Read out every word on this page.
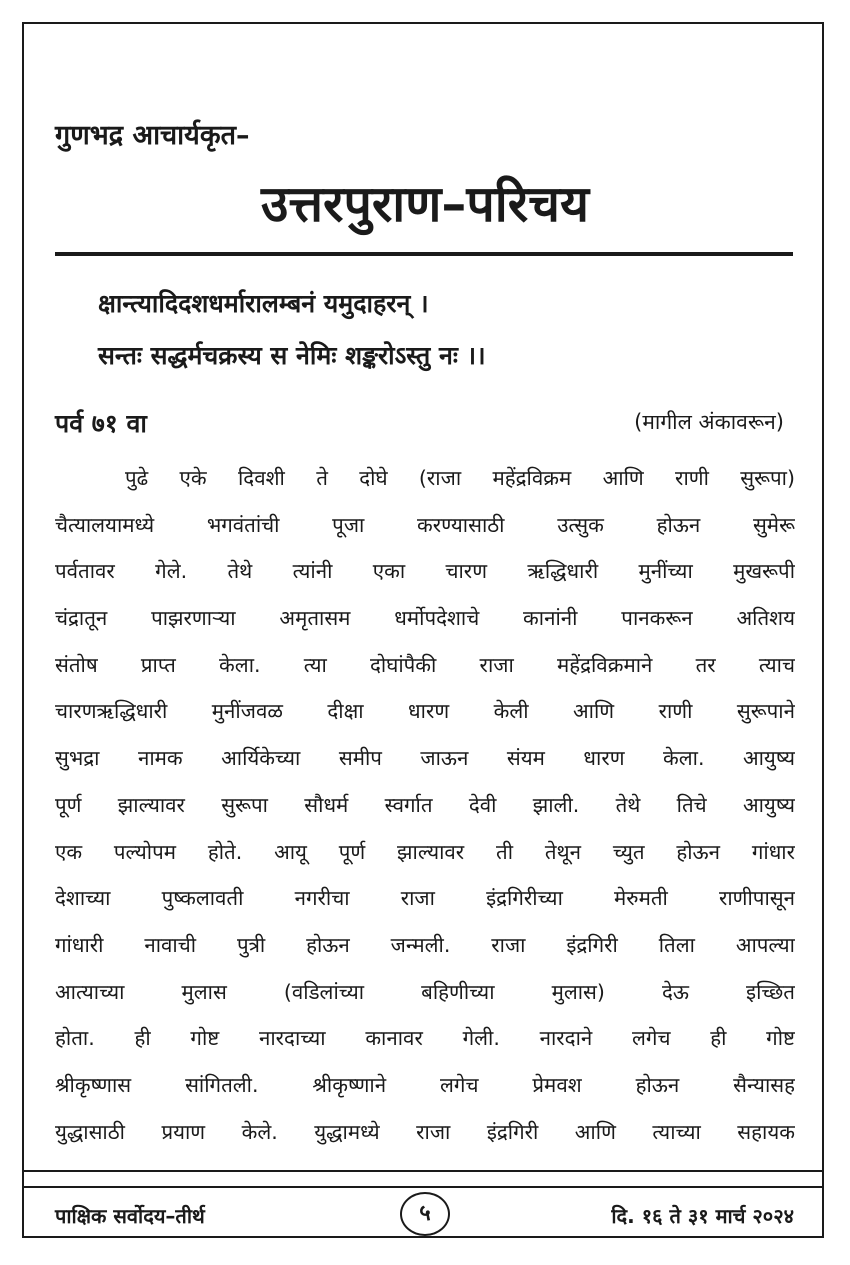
गुणभद्र आचार्यकृत–
उत्तरपुराण–परिचय
क्षान्त्यादिदशधर्मारालम्बनं यमुदाहरन् ।
सन्तः सद्धर्मचक्रस्य स नेमिः शङ्करोऽस्तु नः ।।
पर्व ७१ वा	(मागील अंकावरून)
पुढे एके दिवशी ते दोघे (राजा महेंद्रविक्रम आणि राणी सुरूपा)
चैत्यालयामध्ये भगवंतांची पूजा करण्यासाठी उत्सुक होऊन सुमेरू
पर्वतावर गेले. तेथे त्यांनी एका चारण ऋद्धिधारी मुनींच्या मुखरूपी
चंद्रातून पाझरणाऱ्या अमृतासम धर्मोपदेशाचे कानांनी पानकरून अतिशय
संतोष प्राप्त केला. त्या दोघांपैकी राजा महेंद्रविक्रमाने तर त्याच
चारणऋद्धिधारी मुनींजवळ दीक्षा धारण केली आणि राणी सुरूपाने
सुभद्रा नामक आर्यिकेच्या समीप जाऊन संयम धारण केला. आयुष्य
पूर्ण झाल्यावर सुरूपा सौधर्म स्वर्गात देवी झाली. तेथे तिचे आयुष्य
एक पल्योपम होते. आयू पूर्ण झाल्यावर ती तेथून च्युत होऊन गांधार
देशाच्या पुष्कलावती नगरीचा राजा इंद्रगिरीच्या मेरुमती राणीपासून
गांधारी नावाची पुत्री होऊन जन्मली. राजा इंद्रगिरी तिला आपल्या
आत्याच्या मुलास (वडिलांच्या बहिणीच्या मुलास) देऊ इच्छित
होता. ही गोष्ट नारदाच्या कानावर गेली. नारदाने लगेच ही गोष्ट
श्रीकृष्णास सांगितली. श्रीकृष्णाने लगेच प्रेमवश होऊन सैन्यासह
युद्धासाठी प्रयाण केले. युद्धामध्ये राजा इंद्रगिरी आणि त्याच्या सहायक
पाक्षिक सर्वोदय–तीर्थ	५	दि. १६ ते ३१ मार्च २०२४
